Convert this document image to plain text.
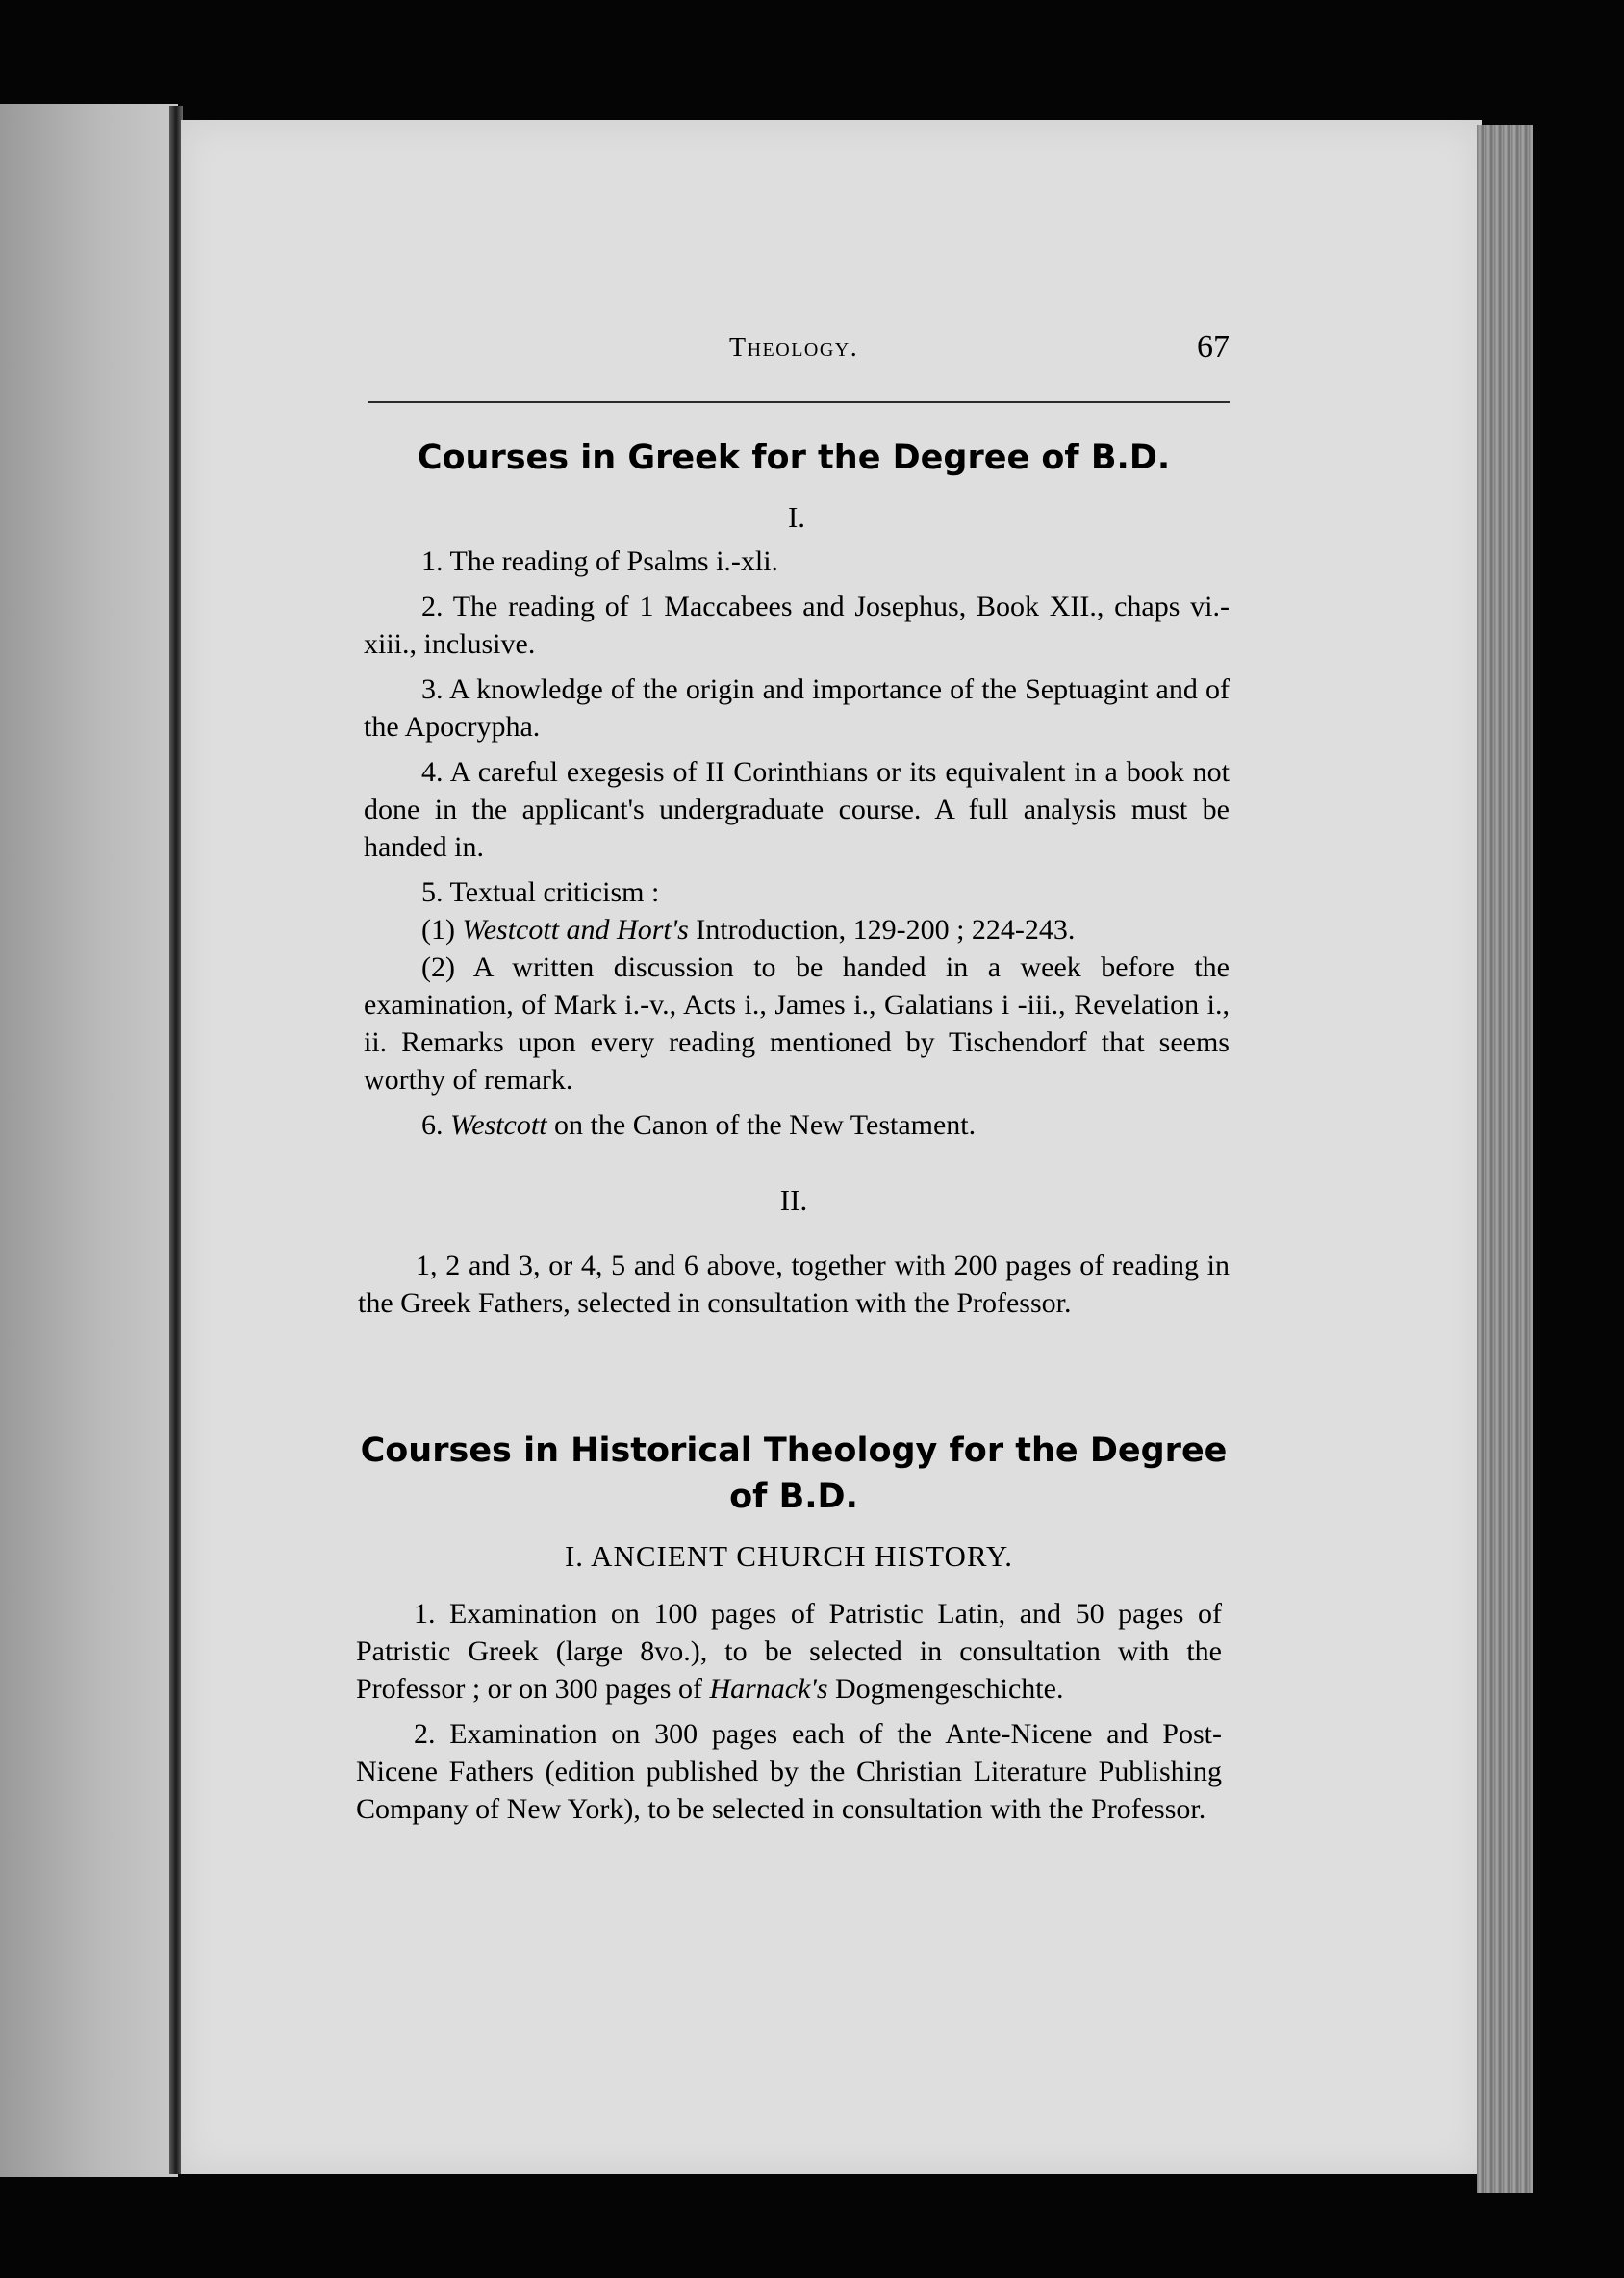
Theology.	67
Courses in Greek for the Degree of B.D.

I.

1. The reading of Psalms i.-xli.

2. The reading of 1 Maccabees and Josephus, Book XII., chaps vi.-xiii., inclusive.

3. A knowledge of the origin and importance of the Septuagint and of the Apocrypha.

4. A careful exegesis of II Corinthians or its equivalent in a book not done in the applicant's undergraduate course. A full analysis must be handed in.

5. Textual criticism :

(1) Westcott and Hort's Introduction, 129-200 ; 224-243.

(2) A written discussion to be handed in a week before the examination, of Mark i.-v., Acts i., James i., Galatians i -iii., Revelation i., ii. Remarks upon every reading mentioned by Tischendorf that seems worthy of remark.

6. Westcott on the Canon of the New Testament.

II.

1, 2 and 3, or 4, 5 and 6 above, together with 200 pages of reading in the Greek Fathers, selected in consultation with the Professor.

Courses in Historical Theology for the Degree
of B.D.

I. ANCIENT CHURCH HISTORY.

1. Examination on 100 pages of Patristic Latin, and 50 pages of Patristic Greek (large 8vo.), to be selected in consultation with the Professor ; or on 300 pages of Harnack's Dogmengeschichte.

2. Examination on 300 pages each of the Ante-Nicene and Post-Nicene Fathers (edition published by the Christian Literature Publishing Company of New York), to be selected in consultation with the Professor.
